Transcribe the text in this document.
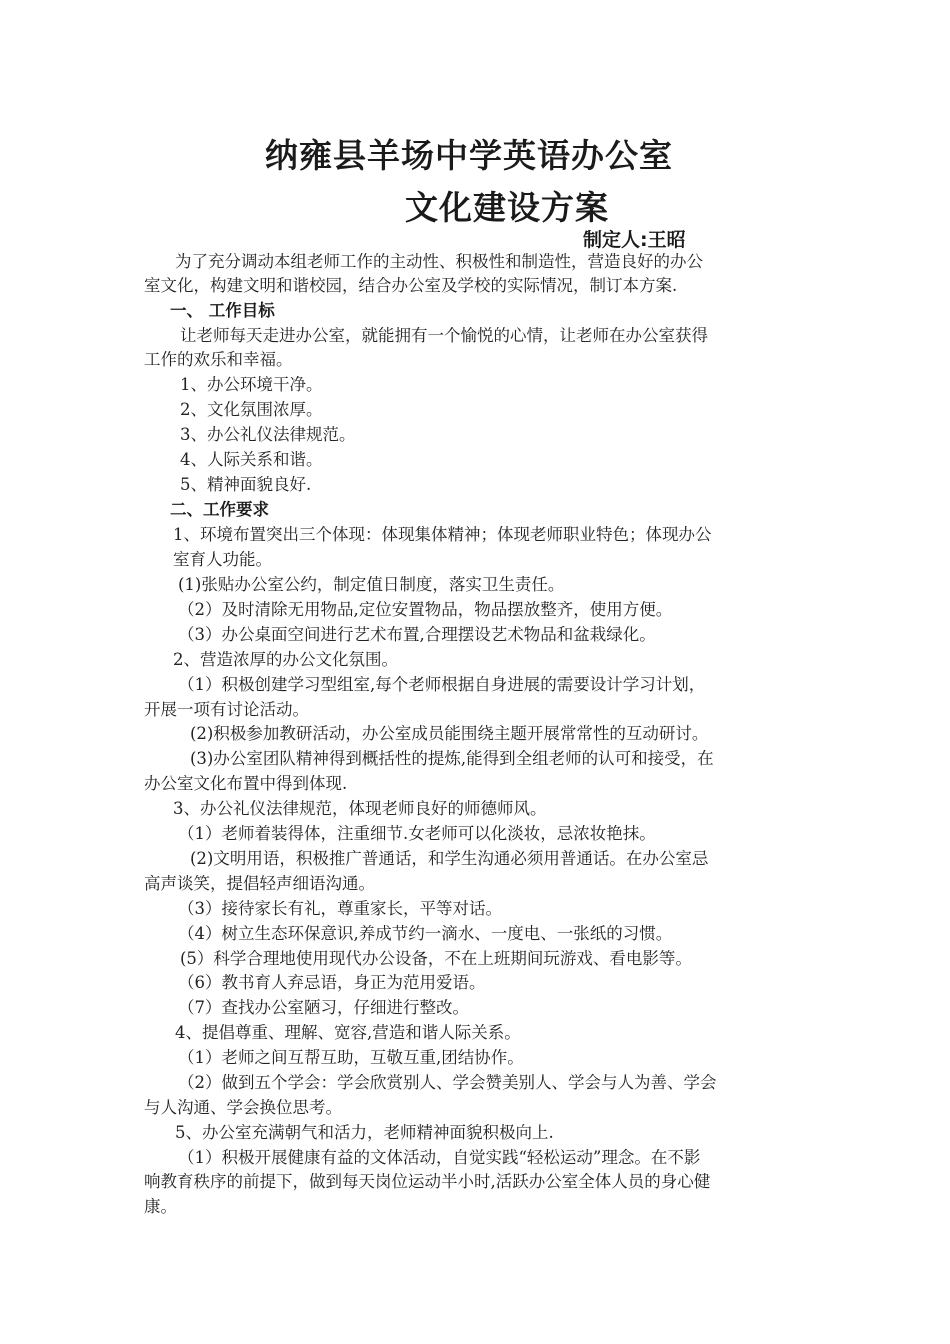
纳雍县羊场中学英语办公室
文化建设方案
制定人:王昭
为了充分调动本组老师工作的主动性、积极性和制造性，营造良好的办公
室文化，构建文明和谐校园，结合办公室及学校的实际情况，制订本方案.
一、 工作目标
让老师每天走进办公室，就能拥有一个愉悦的心情，让老师在办公室获得
工作的欢乐和幸福。
1、办公环境干净。
2、文化氛围浓厚。
3、办公礼仪法律规范。
4、人际关系和谐。
5、精神面貌良好.
二、工作要求
1、环境布置突出三个体现：体现集体精神；体现老师职业特色；体现办公
室育人功能。
(1)张贴办公室公约，制定值日制度，落实卫生责任。
（2）及时清除无用物品,定位安置物品，物品摆放整齐，使用方便。
（3）办公桌面空间进行艺术布置,合理摆设艺术物品和盆栽绿化。
2、营造浓厚的办公文化氛围。
（1）积极创建学习型组室,每个老师根据自身进展的需要设计学习计划，
开展一项有讨论活动。
(2)积极参加教研活动，办公室成员能围绕主题开展常常性的互动研讨。
(3)办公室团队精神得到概括性的提炼,能得到全组老师的认可和接受，在
办公室文化布置中得到体现.
3、办公礼仪法律规范，体现老师良好的师德师风。
（1）老师着装得体，注重细节.女老师可以化淡妆，忌浓妆艳抹。
(2)文明用语，积极推广普通话，和学生沟通必须用普通话。在办公室忌
高声谈笑，提倡轻声细语沟通。
（3）接待家长有礼，尊重家长，平等对话。
（4）树立生态环保意识,养成节约一滴水、一度电、一张纸的习惯。
(5）科学合理地使用现代办公设备，不在上班期间玩游戏、看电影等。
（6）教书育人弃忌语，身正为范用爱语。
（7）查找办公室陋习，仔细进行整改。
4、提倡尊重、理解、宽容,营造和谐人际关系。
（1）老师之间互帮互助，互敬互重,团结协作。
（2）做到五个学会：学会欣赏别人、学会赞美别人、学会与人为善、学会
与人沟通、学会换位思考。
5、办公室充满朝气和活力，老师精神面貌积极向上.
（1）积极开展健康有益的文体活动，自觉实践“轻松运动”理念。在不影
响教育秩序的前提下，做到每天岗位运动半小时,活跃办公室全体人员的身心健
康。
